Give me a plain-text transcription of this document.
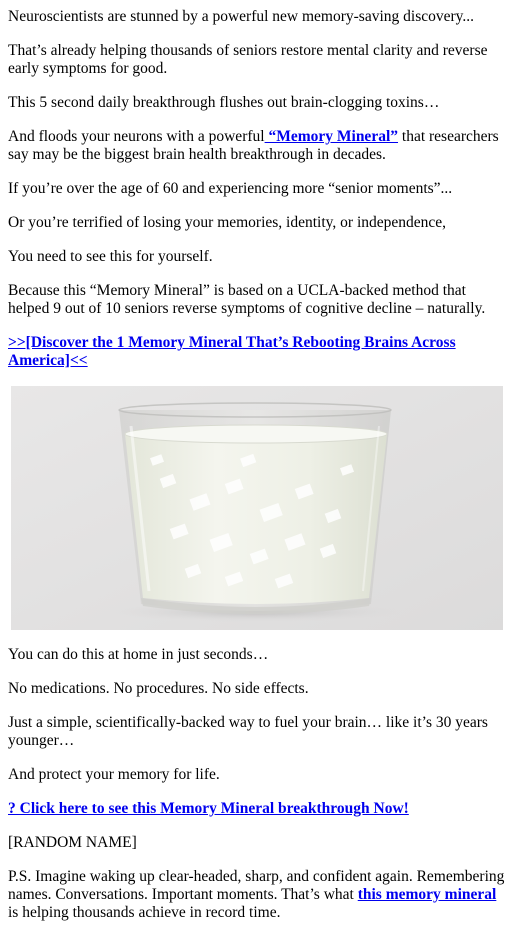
Neuroscientists are stunned by a powerful new memory-saving discovery...

That’s already helping thousands of seniors restore mental clarity and reverse early symptoms for good.

This 5 second daily breakthrough flushes out brain-clogging toxins…

And floods your neurons with a powerful “Memory Mineral” that researchers say may be the biggest brain health breakthrough in decades.

If you’re over the age of 60 and experiencing more “senior moments”...

Or you’re terrified of losing your memories, identity, or independence,

You need to see this for yourself.

Because this “Memory Mineral” is based on a UCLA-backed method that helped 9 out of 10 seniors reverse symptoms of cognitive decline – naturally.

>>[Discover the 1 Memory Mineral That’s Rebooting Brains Across America]<<

You can do this at home in just seconds…

No medications. No procedures. No side effects.

Just a simple, scientifically-backed way to fuel your brain… like it’s 30 years younger…

And protect your memory for life.

? Click here to see this Memory Mineral breakthrough Now!

[RANDOM NAME]

P.S. Imagine waking up clear-headed, sharp, and confident again. Remembering names. Conversations. Important moments. That’s what this memory mineral is helping thousands achieve in record time.
